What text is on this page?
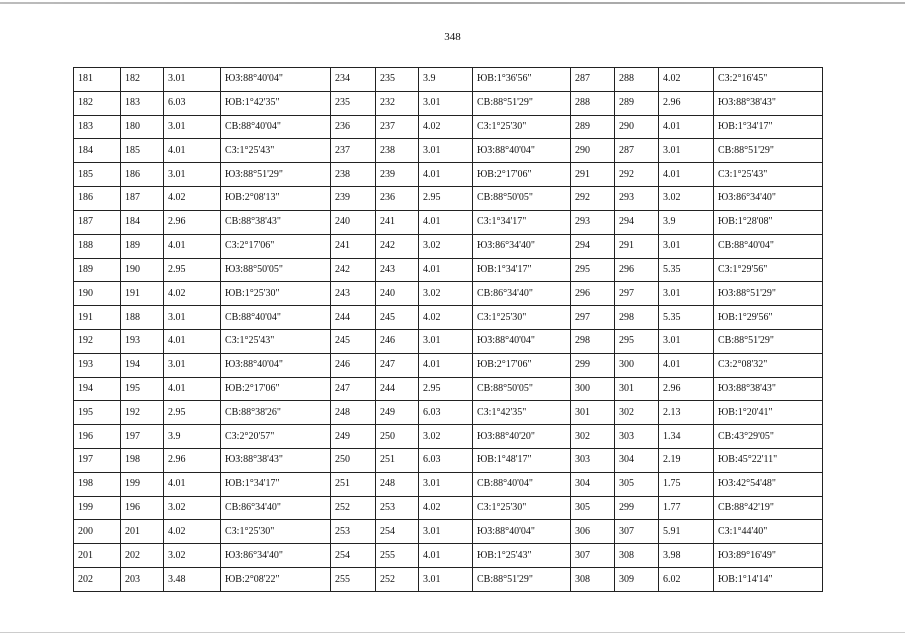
348
181	182	3.01	ЮЗ:88°40'04"	234	235	3.9	ЮВ:1°36'56"	287	288	4.02	СЗ:2°16'45"
182	183	6.03	ЮВ:1°42'35"	235	232	3.01	СВ:88°51'29"	288	289	2.96	ЮЗ:88°38'43"
183	180	3.01	СВ:88°40'04"	236	237	4.02	СЗ:1°25'30"	289	290	4.01	ЮВ:1°34'17"
184	185	4.01	СЗ:1°25'43"	237	238	3.01	ЮЗ:88°40'04"	290	287	3.01	СВ:88°51'29"
185	186	3.01	ЮЗ:88°51'29"	238	239	4.01	ЮВ:2°17'06"	291	292	4.01	СЗ:1°25'43"
186	187	4.02	ЮВ:2°08'13"	239	236	2.95	СВ:88°50'05"	292	293	3.02	ЮЗ:86°34'40"
187	184	2.96	СВ:88°38'43"	240	241	4.01	СЗ:1°34'17"	293	294	3.9	ЮВ:1°28'08"
188	189	4.01	СЗ:2°17'06"	241	242	3.02	ЮЗ:86°34'40"	294	291	3.01	СВ:88°40'04"
189	190	2.95	ЮЗ:88°50'05"	242	243	4.01	ЮВ:1°34'17"	295	296	5.35	СЗ:1°29'56"
190	191	4.02	ЮВ:1°25'30"	243	240	3.02	СВ:86°34'40"	296	297	3.01	ЮЗ:88°51'29"
191	188	3.01	СВ:88°40'04"	244	245	4.02	СЗ:1°25'30"	297	298	5.35	ЮВ:1°29'56"
192	193	4.01	СЗ:1°25'43"	245	246	3.01	ЮЗ:88°40'04"	298	295	3.01	СВ:88°51'29"
193	194	3.01	ЮЗ:88°40'04"	246	247	4.01	ЮВ:2°17'06"	299	300	4.01	СЗ:2°08'32"
194	195	4.01	ЮВ:2°17'06"	247	244	2.95	СВ:88°50'05"	300	301	2.96	ЮЗ:88°38'43"
195	192	2.95	СВ:88°38'26"	248	249	6.03	СЗ:1°42'35"	301	302	2.13	ЮВ:1°20'41"
196	197	3.9	СЗ:2°20'57"	249	250	3.02	ЮЗ:88°40'20"	302	303	1.34	СВ:43°29'05"
197	198	2.96	ЮЗ:88°38'43"	250	251	6.03	ЮВ:1°48'17"	303	304	2.19	ЮВ:45°22'11"
198	199	4.01	ЮВ:1°34'17"	251	248	3.01	СВ:88°40'04"	304	305	1.75	ЮЗ:42°54'48"
199	196	3.02	СВ:86°34'40"	252	253	4.02	СЗ:1°25'30"	305	299	1.77	СВ:88°42'19"
200	201	4.02	СЗ:1°25'30"	253	254	3.01	ЮЗ:88°40'04"	306	307	5.91	СЗ:1°44'40"
201	202	3.02	ЮЗ:86°34'40"	254	255	4.01	ЮВ:1°25'43"	307	308	3.98	ЮЗ:89°16'49"
202	203	3.48	ЮВ:2°08'22"	255	252	3.01	СВ:88°51'29"	308	309	6.02	ЮВ:1°14'14"
